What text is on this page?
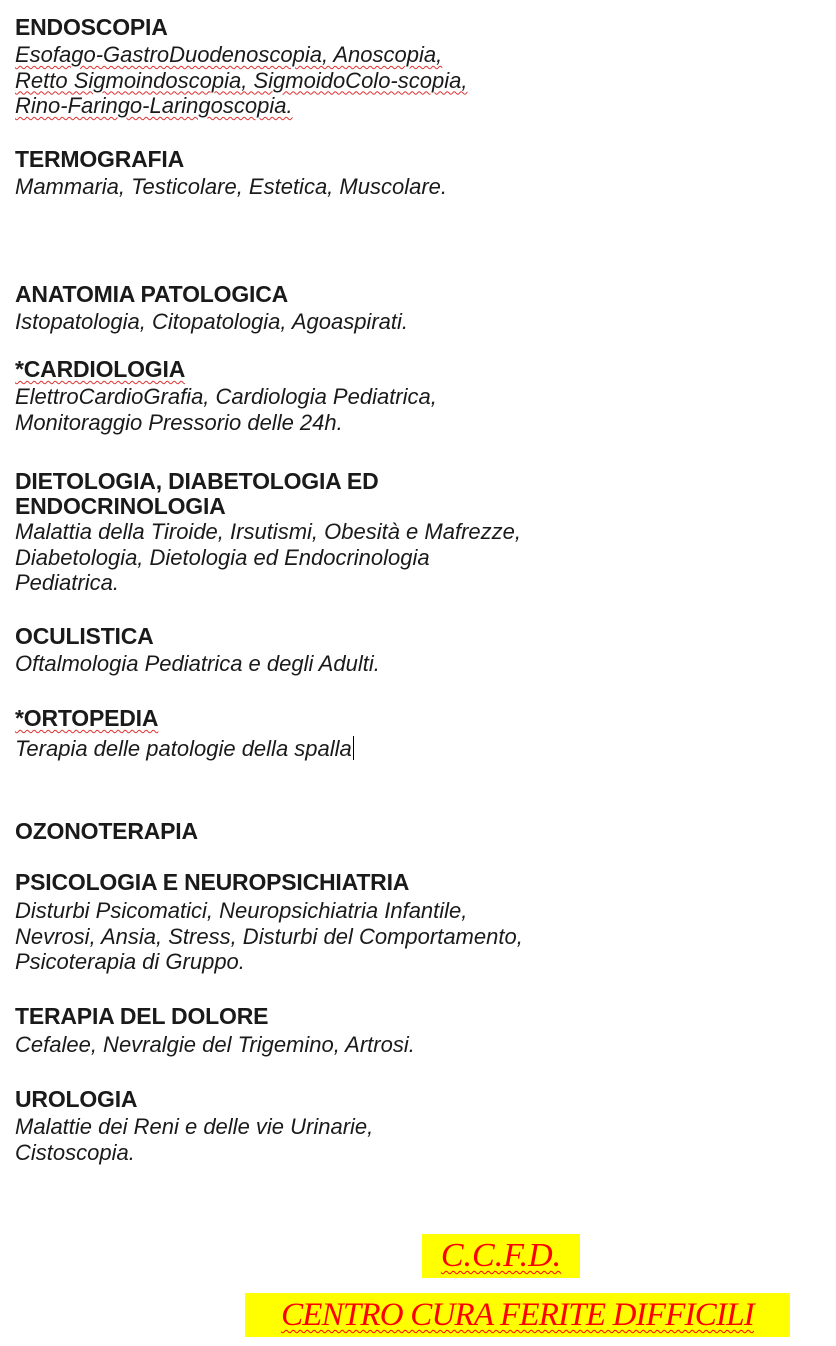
ENDOSCOPIA
Esofago-GastroDuodenoscopia, Anoscopia,
Retto Sigmoindoscopia, SigmoidoColo-scopia,
Rino-Faringo-Laringoscopia.
TERMOGRAFIA
Mammaria, Testicolare, Estetica, Muscolare.
ANATOMIA PATOLOGICA
Istopatologia, Citopatologia, Agoaspirati.
*CARDIOLOGIA
ElettroCardioGrafia, Cardiologia Pediatrica,
Monitoraggio Pressorio delle 24h.
DIETOLOGIA, DIABETOLOGIA ED
ENDOCRINOLOGIA
Malattia della Tiroide, Irsutismi, Obesità e Mafrezze,
Diabetologia, Dietologia ed Endocrinologia
Pediatrica.
OCULISTICA
Oftalmologia Pediatrica e degli Adulti.
*ORTOPEDIA
Terapia delle patologie della spalla
OZONOTERAPIA
PSICOLOGIA E NEUROPSICHIATRIA
Disturbi Psicomatici, Neuropsichiatria Infantile,
Nevrosi, Ansia, Stress, Disturbi del Comportamento,
Psicoterapia di Gruppo.
TERAPIA DEL DOLORE
Cefalee, Nevralgie del Trigemino, Artrosi.
UROLOGIA
Malattie dei Reni e delle vie Urinarie,
Cistoscopia.
C.C.F.D.
CENTRO CURA FERITE DIFFICILI
